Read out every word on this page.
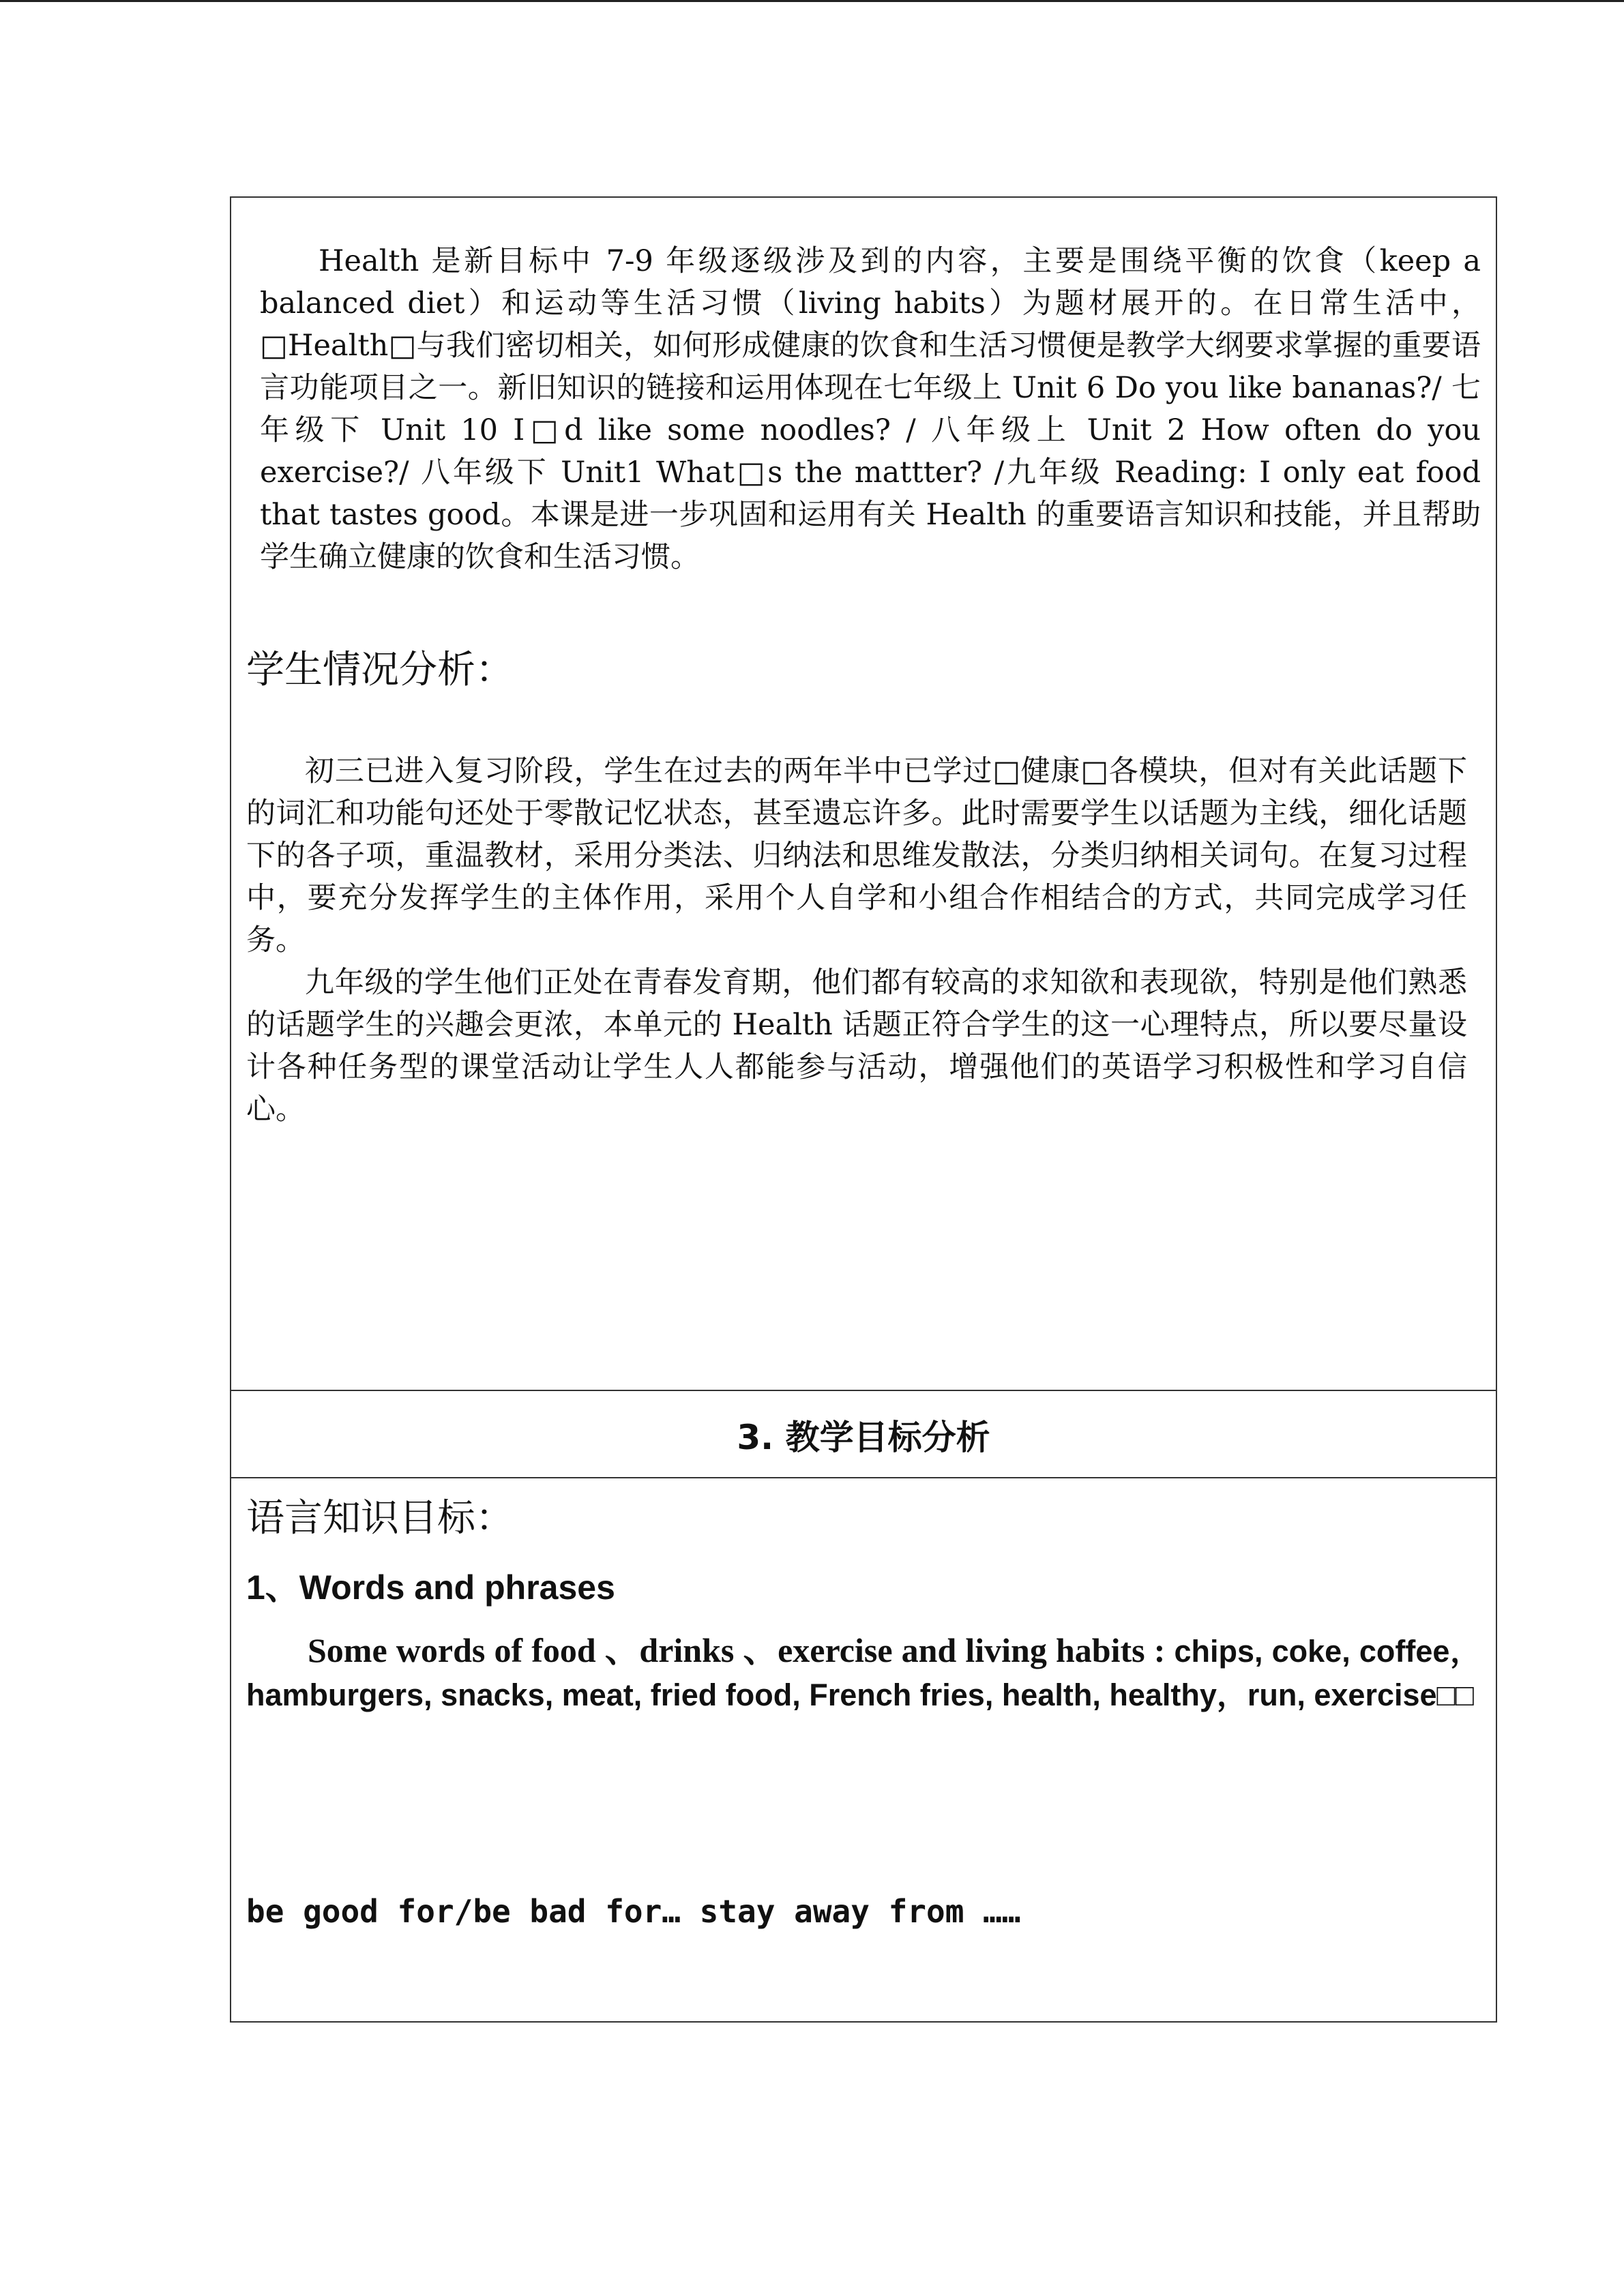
Health 是新目标中 7-9 年级逐级涉及到的内容，主要是围绕平衡的饮食（keep a balanced diet）和运动等生活习惯（living habits）为题材展开的。在日常生活中，□Health□与我们密切相关，如何形成健康的饮食和生活习惯便是教学大纲要求掌握的重要语言功能项目之一。新旧知识的链接和运用体现在七年级上 Unit 6 Do you like bananas?/ 七年级下 Unit 10 I□d like some noodles? / 八年级上 Unit 2 How often do you exercise?/ 八年级下 Unit1 What□s the mattter? /九年级 Reading: I only eat food that tastes good。本课是进一步巩固和运用有关 Health 的重要语言知识和技能，并且帮助学生确立健康的饮食和生活习惯。

学生情况分析：

初三已进入复习阶段，学生在过去的两年半中已学过□健康□各模块，但对有关此话题下的词汇和功能句还处于零散记忆状态，甚至遗忘许多。此时需要学生以话题为主线，细化话题下的各子项，重温教材，采用分类法、归纳法和思维发散法，分类归纳相关词句。在复习过程中，要充分发挥学生的主体作用，采用个人自学和小组合作相结合的方式，共同完成学习任务。

九年级的学生他们正处在青春发育期，他们都有较高的求知欲和表现欲，特别是他们熟悉的话题学生的兴趣会更浓，本单元的 Health 话题正符合学生的这一心理特点，所以要尽量设计各种任务型的课堂活动让学生人人都能参与活动，增强他们的英语学习积极性和学习自信心。

3. 教学目标分析
语言知识目标：
1、Words and phrases

Some words of food 、drinks 、exercise and living habits : chips, coke, coffee，hamburgers, snacks, meat, fried food, French fries, health, healthy，run, exercise□□

be good for/be bad for… stay away from ……
